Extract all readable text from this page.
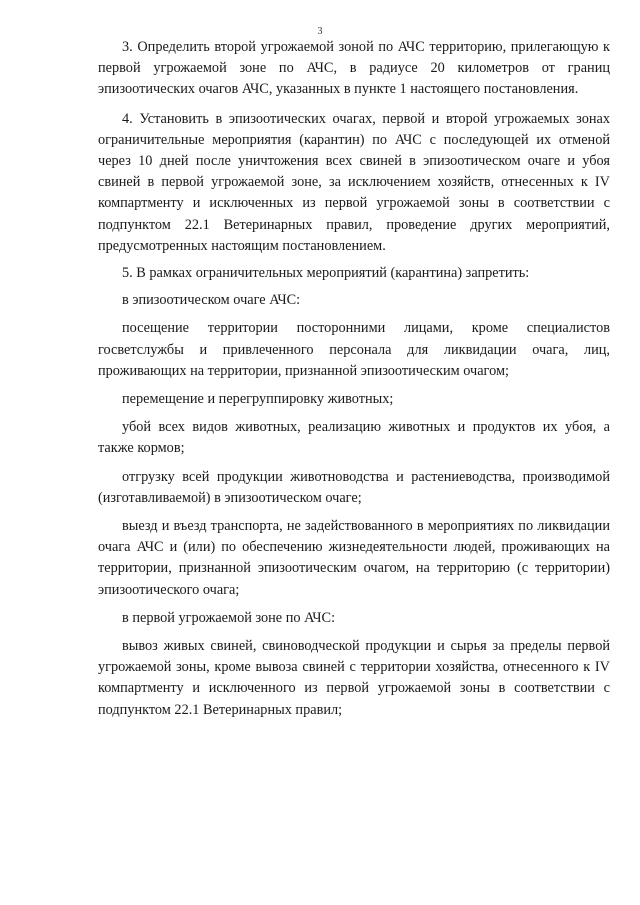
3

3. Определить второй угрожаемой зоной по АЧС территорию, прилегающую к первой угрожаемой зоне по АЧС, в радиусе 20 километров от границ эпизоотических очагов АЧС, указанных в пункте 1 настоящего постановления.

4. Установить в эпизоотических очагах, первой и второй угрожаемых зонах ограничительные мероприятия (карантин) по АЧС с последующей их отменой через 10 дней после уничтожения всех свиней в эпизоотическом очаге и убоя свиней в первой угрожаемой зоне, за исключением хозяйств, отнесенных к IV компартменту и исключенных из первой угрожаемой зоны в соответствии с подпунктом 22.1 Ветеринарных правил, проведение других мероприятий, предусмотренных настоящим постановлением.

5. В рамках ограничительных мероприятий (карантина) запретить:

в эпизоотическом очаге АЧС:

посещение территории посторонними лицами, кроме специалистов госветслужбы и привлеченного персонала для ликвидации очага, лиц, проживающих на территории, признанной эпизоотическим очагом;

перемещение и перегруппировку животных;

убой всех видов животных, реализацию животных и продуктов их убоя, а также кормов;

отгрузку всей продукции животноводства и растениеводства, производимой (изготавливаемой) в эпизоотическом очаге;

выезд и въезд транспорта, не задействованного в мероприятиях по ликвидации очага АЧС и (или) по обеспечению жизнедеятельности людей, проживающих на территории, признанной эпизоотическим очагом, на территорию (с территории) эпизоотического очага;

в первой угрожаемой зоне по АЧС:

вывоз живых свиней, свиноводческой продукции и сырья за пределы первой угрожаемой зоны, кроме вывоза свиней с территории хозяйства, отнесенного к IV компартменту и исключенного из первой угрожаемой зоны в соответствии с подпунктом 22.1 Ветеринарных правил;
